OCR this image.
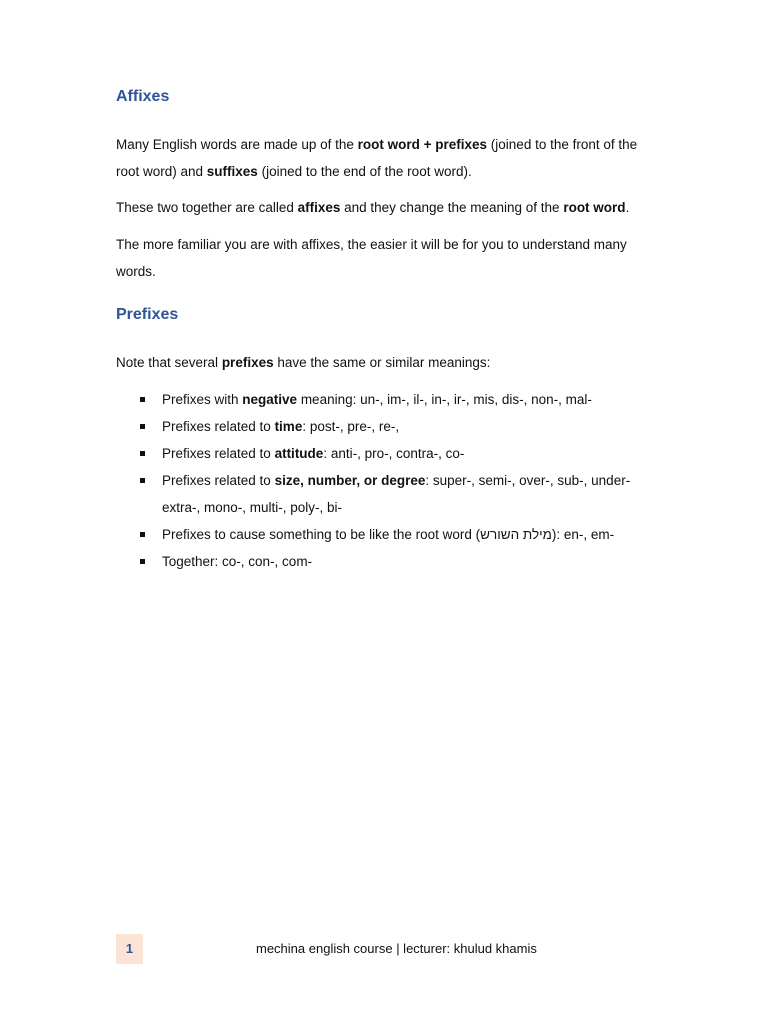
Affixes

Many English words are made up of the root word + prefixes (joined to the front of the root word) and suffixes (joined to the end of the root word).

These two together are called affixes and they change the meaning of the root word.

The more familiar you are with affixes, the easier it will be for you to understand many words.

Prefixes

Note that several prefixes have the same or similar meanings:

Prefixes with negative meaning: un-, im-, il-, in-, ir-, mis, dis-, non-, mal-
Prefixes related to time: post-, pre-, re-,
Prefixes related to attitude: anti-, pro-, contra-, co-
Prefixes related to size, number, or degree: super-, semi-, over-, sub-, under-extra-, mono-, multi-, poly-, bi-
Prefixes to cause something to be like the root word (מילת השורש): en-, em-
Together: co-, con-, com-
1	mechina english course | lecturer: khulud khamis
